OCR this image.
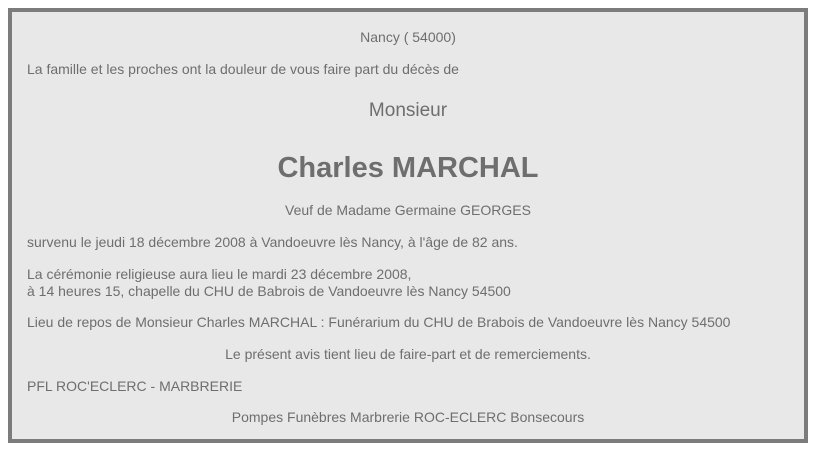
Nancy ( 54000)
La famille et les proches ont la douleur de vous faire part du décès de
Monsieur
Charles MARCHAL
Veuf de Madame Germaine GEORGES
survenu le jeudi 18 décembre 2008 à Vandoeuvre lès Nancy, à l'âge de 82 ans.
La cérémonie religieuse aura lieu le mardi 23 décembre 2008,
à 14 heures 15, chapelle du CHU de Babrois de Vandoeuvre lès Nancy 54500
Lieu de repos de Monsieur Charles MARCHAL : Funérarium du CHU de Brabois de Vandoeuvre lès Nancy 54500
Le présent avis tient lieu de faire-part et de remerciements.
PFL ROC'ECLERC - MARBRERIE
Pompes Funèbres Marbrerie ROC-ECLERC Bonsecours
